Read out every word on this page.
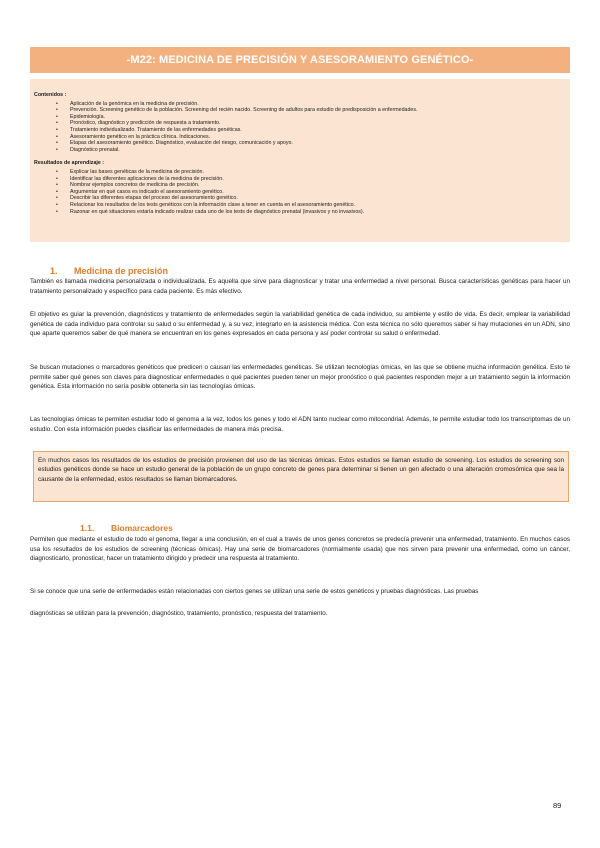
-M22: MEDICINA DE PRECISIÓN Y ASESORAMIENTO GENÉTICO-
Contenidos :
• Aplicación de la genómica en la medicina de precisión.
• Prevención. Screening genético de la población. Screening del recién nacido. Screening de adultos para estudio de predisposición a enfermedades.
• Epidemiología.
• Pronóstico, diagnóstico y predicción de respuesta a tratamiento.
• Tratamiento individualizado. Tratamiento de las enfermedades genéticas.
• Asesoramiento genético en la práctica clínica. Indicaciones.
• Etapas del asesoramiento genético. Diagnóstico, evaluación del riesgo, comunicación y apoyo.
• Diagnóstico prenatal.
Resultados de aprendizaje :
• Explicar las bases genéticas de la medicina de precisión.
• Identificar las diferentes aplicaciones de la medicina de precisión.
• Nombrar ejemplos concretos de medicina de precisión.
• Argumentar en qué casos es indicado el asesoramiento genético.
• Describir las diferentes etapas del proceso del asesoramiento genético.
• Relacionar los resultados de los tests genéticos con la información clave a tener en cuenta en el asesoramiento genético.
• Razonar en qué situaciones estaría indicado realizar cada uno de los tests de diagnóstico prenatal (invasivos y no invasivos).
1. Medicina de precisión

También es llamada medicina personalizada o individualizada. Es aquella que sirve para diagnosticar y tratar una enfermedad a nivel personal. Busca características genéticas para hacer un tratamiento personalizado y específico para cada paciente. Es más efectivo.

El objetivo es guiar la prevención, diagnósticos y tratamiento de enfermedades según la variabilidad genética de cada individuo, su ambiente y estilo de vida. Es decir, emplear la variabilidad genética de cada individuo para controlar su salud o su enfermedad y, a su vez, integrarlo en la asistencia médica. Con esta técnica no sólo queremos saber si hay mutaciones en un ADN, sino que aparte queremos saber de qué manera se encuentran en los genes expresados en cada persona y así poder controlar su salud o enfermedad.

Se buscan mutaciones o marcadores genéticos que predicen o causan las enfermedades genéticas. Se utilizan tecnologías ómicas, en las que se obtiene mucha información genética. Esto te permite saber qué genes son claves para diagnosticar enfermedades o qué pacientes pueden tener un mejor pronóstico o qué pacientes responden mejor a un tratamiento según la información genética. Esta información no sería posible obtenerla sin las tecnologías ómicas.

Las tecnologías ómicas te permiten estudiar todo el genoma a la vez, todos los genes y todo el ADN tanto nuclear como mitocondrial. Además, te permite estudiar todo los transcriptomas de un estudio. Con esta información puedes clasificar las enfermedades de manera más precisa.

En muchos casos los resultados de los estudios de precisión provienen del uso de las técnicas ómicas. Estos estudios se llaman estudio de screening. Los estudios de screening son estudios genéticos donde se hace un estudio general de la población de un grupo concreto de genes para determinar si tienen un gen afectado o una alteración cromosómica que sea la causante de la enfermedad, estos resultados se llaman biomarcadores.

1.1. Biomarcadores

Permiten que mediante el estudio de todo el genoma, llegar a una conclusión, en el cual a través de unos genes concretos se predecía prevenir una enfermedad, tratamiento. En muchos casos usa los resultados de los estudios de screening (técnicas ómicas). Hay una serie de biomarcadores (normalmente usada) que nos sirven para prevenir una enfermedad, como un cáncer, diagnosticarlo, pronosticar, hacer un tratamiento dirigido y predecir una respuesta al tratamiento.

Si se conoce que una serie de enfermedades están relacionadas con ciertos genes se utilizan una serie de estos genéticos y pruebas diagnósticas. Las pruebas

diagnósticas se utilizan para la prevención, diagnóstico, tratamiento, pronóstico, respuesta del tratamiento.

89
